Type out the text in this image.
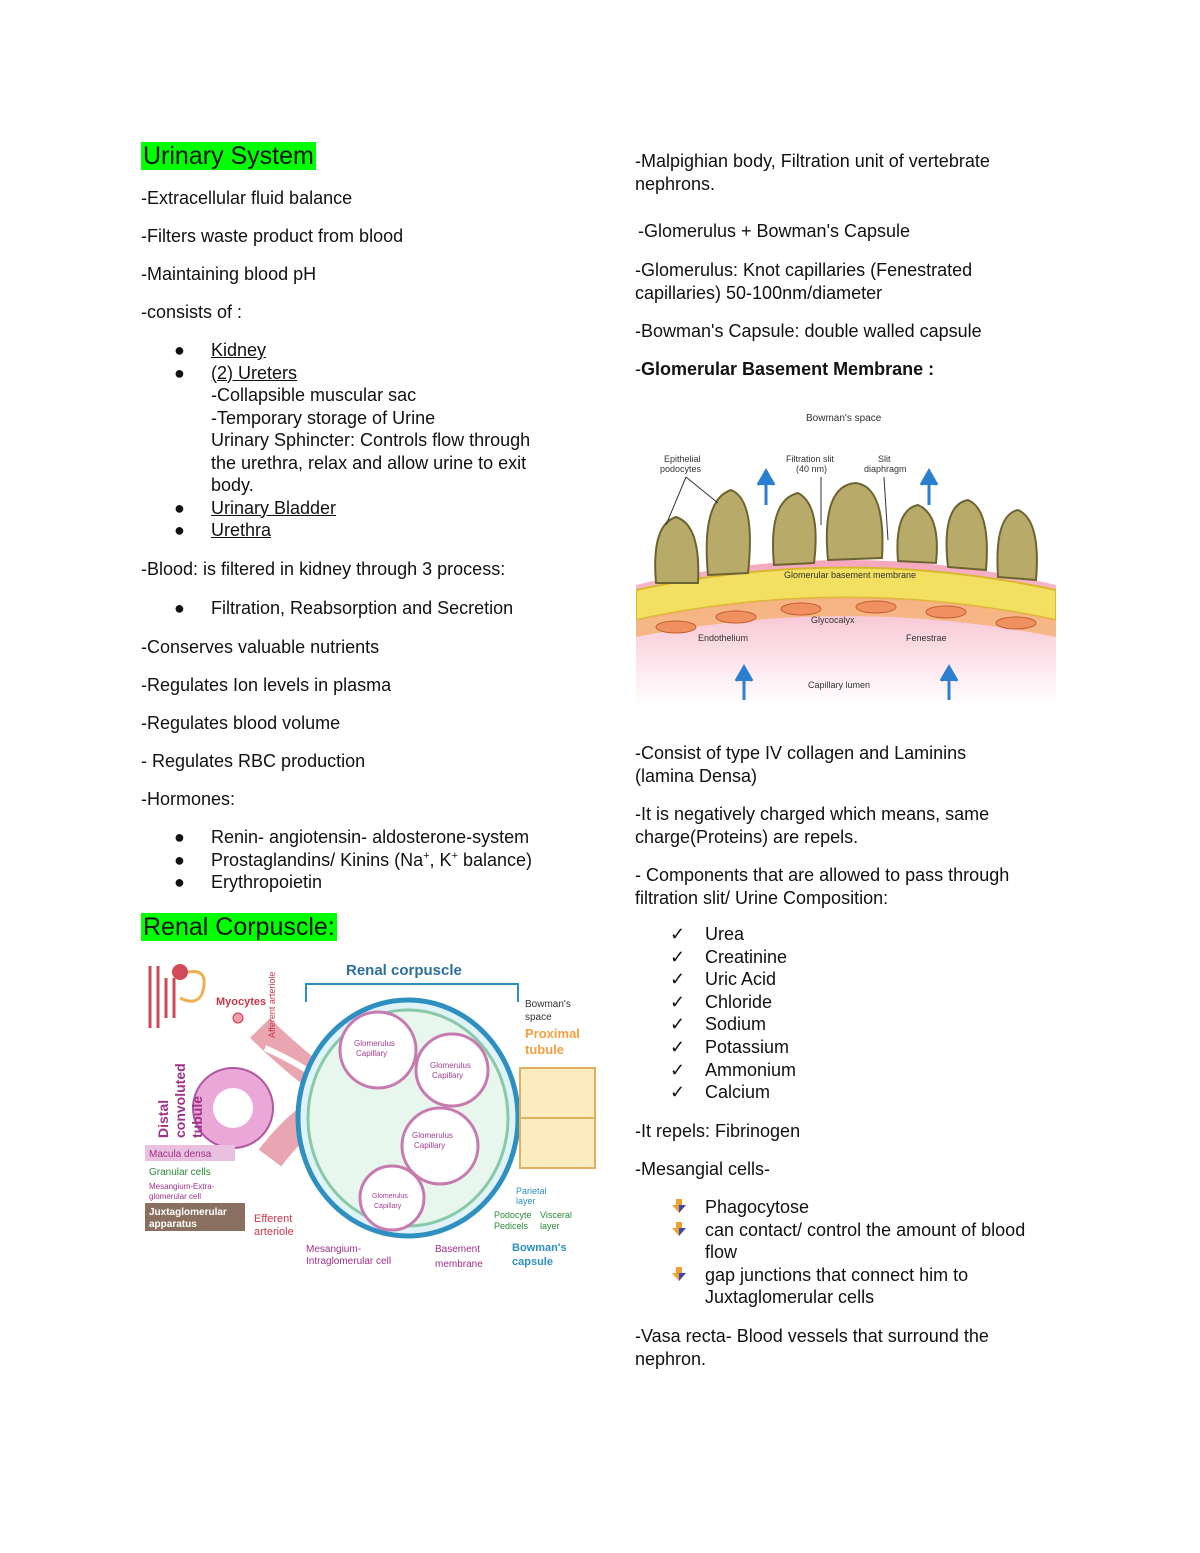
Urinary System
-Extracellular fluid balance
-Filters waste product from blood
-Maintaining blood pH
-consists of :
● Kidney
● (2) Ureters
-Collapsible muscular sac
-Temporary storage of Urine
Urinary Sphincter: Controls flow through
the urethra, relax and allow urine to exit
body.
● Urinary Bladder
● Urethra
-Blood: is filtered in kidney through 3 process:
● Filtration, Reabsorption and Secretion
-Conserves valuable nutrients
-Regulates Ion levels in plasma
-Regulates blood volume
- Regulates RBC production
-Hormones:
● Renin- angiotensin- aldosterone-system
● Prostaglandins/ Kinins (Na+, K+ balance)
● Erythropoietin
Renal Corpuscle:
Renal corpuscle
Myocytes Afferent arteriole	Bowman's
space
Proximal
tubule
Distal convoluted tubule
Glomerulus
Capillary
Glomerulus
Capillary
Glomerulus
Capillary
Glomerulus
Capillary
Macula densa
Granular cells
Mesangium-Extra-
glomerular cell
Juxtaglomerular
apparatus	Efferent
arteriole
Mesangium-
Intraglomerular cell
Basement
membrane
Bowman's
capsule
Parietal
layer
Podocyte
Pedicels
Visceral
layer
-Malpighian body, Filtration unit of vertebrate
nephrons.
-Glomerulus + Bowman's Capsule
-Glomerulus: Knot capillaries (Fenestrated
capillaries) 50-100nm/diameter
-Bowman's Capsule: double walled capsule
-Glomerular Basement Membrane :
Bowman's space
Epithelial
podocytes
Filtration slit
(40 nm)
Slit
diaphragm
Glomerular basement membrane
Glycocalyx
Endothelium	Fenestrae
Capillary lumen
-Consist of type IV collagen and Laminins
(lamina Densa)
-It is negatively charged which means, same
charge(Proteins) are repels.
- Components that are allowed to pass through
filtration slit/ Urine Composition:
✓ Urea
✓ Creatinine
✓ Uric Acid
✓ Chloride
✓ Sodium
✓ Potassium
✓ Ammonium
✓ Calcium
-It repels: Fibrinogen
-Mesangial cells-
Phagocytose
can contact/ control the amount of blood
flow
gap junctions that connect him to
Juxtaglomerular cells
-Vasa recta- Blood vessels that surround the
nephron.
